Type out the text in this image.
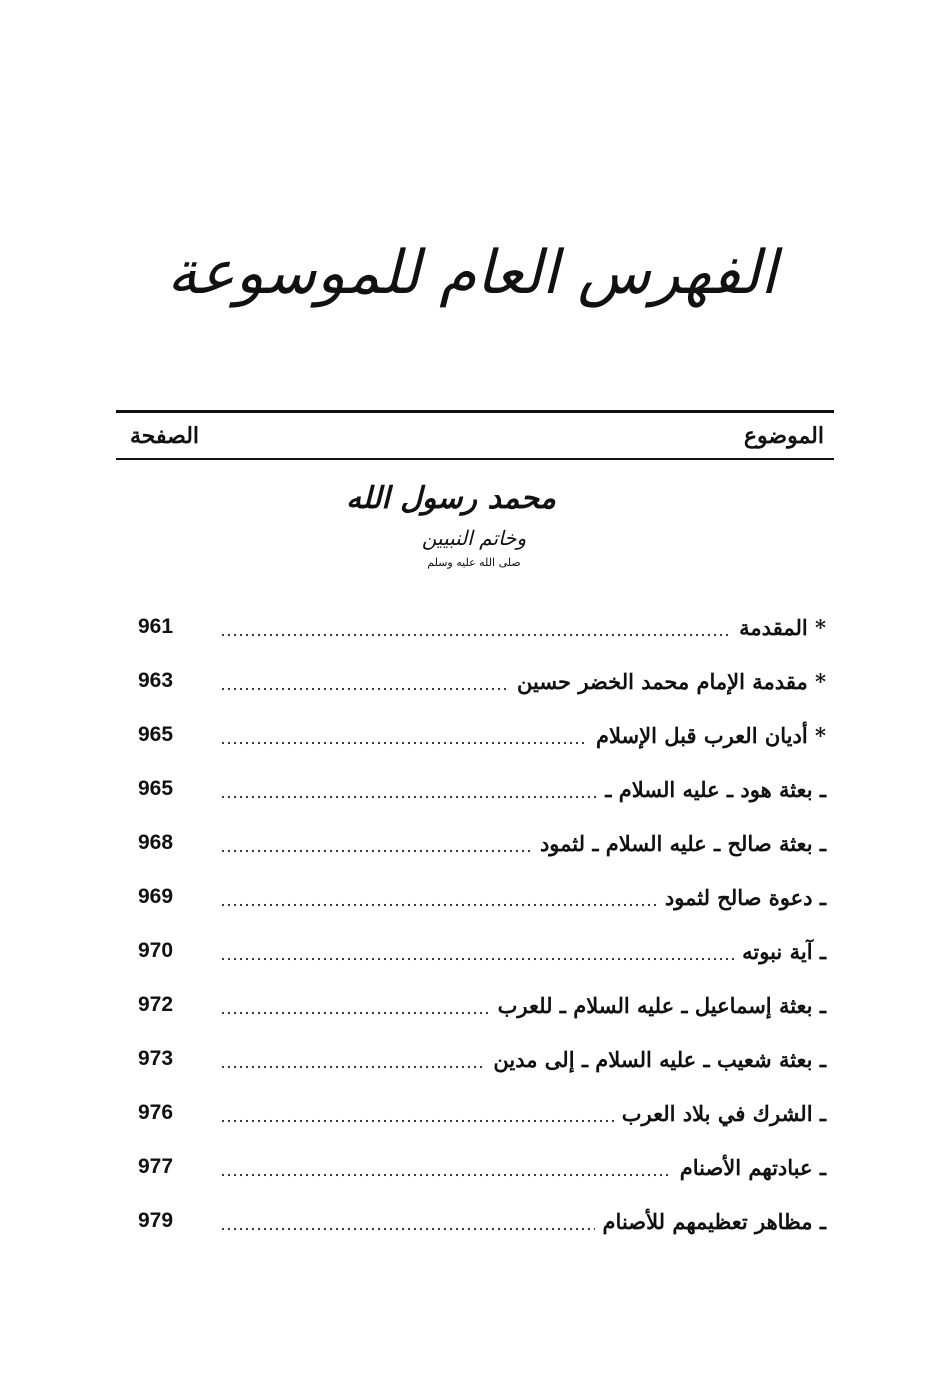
الفهرس العام للموسوعة
الموضوع
الصفحة
محمد رسول الله
وخاتم النبيين
صلى الله عليه وسلم
* المقدمة
961
* مقدمة الإمام محمد الخضر حسين
963
* أديان العرب قبل الإسلام
965
ـ بعثة هود ـ عليه السلام ـ
965
ـ بعثة صالح ـ عليه السلام ـ لثمود
968
ـ دعوة صالح لثمود
969
ـ آية نبوته
970
ـ بعثة إسماعيل ـ عليه السلام ـ للعرب
972
ـ بعثة شعيب ـ عليه السلام ـ إلى مدين
973
ـ الشرك في بلاد العرب
976
ـ عبادتهم الأصنام
977
ـ مظاهر تعظيمهم للأصنام
979
